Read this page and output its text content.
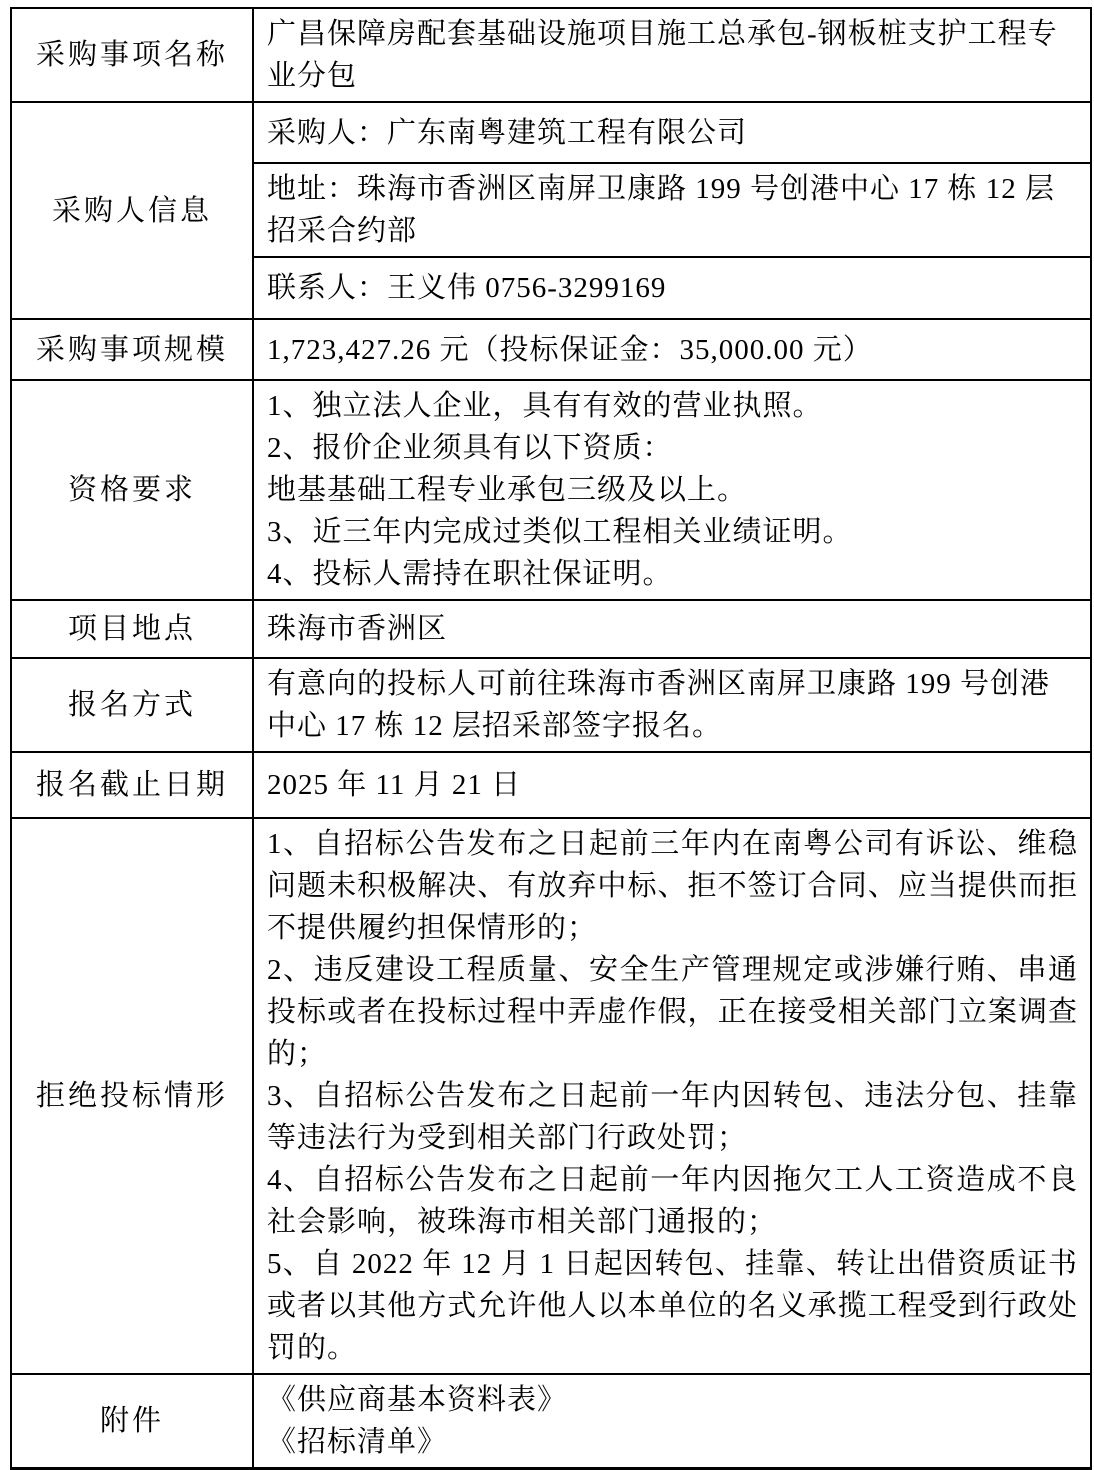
采购事项名称	广昌保障房配套基础设施项目施工总承包-钢板桩支护工程专业分包
采购人信息	采购人：广东南粤建筑工程有限公司
	地址：珠海市香洲区南屏卫康路 199 号创港中心 17 栋 12 层招采合约部
	联系人：王义伟 0756-3299169
采购事项规模	1,723,427.26 元（投标保证金：35,000.00 元）
资格要求	1、独立法人企业，具有有效的营业执照。
2、报价企业须具有以下资质：
地基基础工程专业承包三级及以上。
3、近三年内完成过类似工程相关业绩证明。
4、投标人需持在职社保证明。

项目地点	珠海市香洲区
报名方式	有意向的投标人可前往珠海市香洲区南屏卫康路 199 号创港中心 17 栋 12 层招采部签字报名。
报名截止日期	2025 年 11 月 21 日
拒绝投标情形	1、自招标公告发布之日起前三年内在南粤公司有诉讼、维稳问题未积极解决、有放弃中标、拒不签订合同、应当提供而拒不提供履约担保情形的；
2、违反建设工程质量、安全生产管理规定或涉嫌行贿、串通投标或者在投标过程中弄虚作假，正在接受相关部门立案调查的；
3、自招标公告发布之日起前一年内因转包、违法分包、挂靠等违法行为受到相关部门行政处罚；
4、自招标公告发布之日起前一年内因拖欠工人工资造成不良社会影响，被珠海市相关部门通报的；
5、自 2022 年 12 月 1 日起因转包、挂靠、转让出借资质证书或者以其他方式允许他人以本单位的名义承揽工程受到行政处罚的。

附件	《供应商基本资料表》
《招标清单》
